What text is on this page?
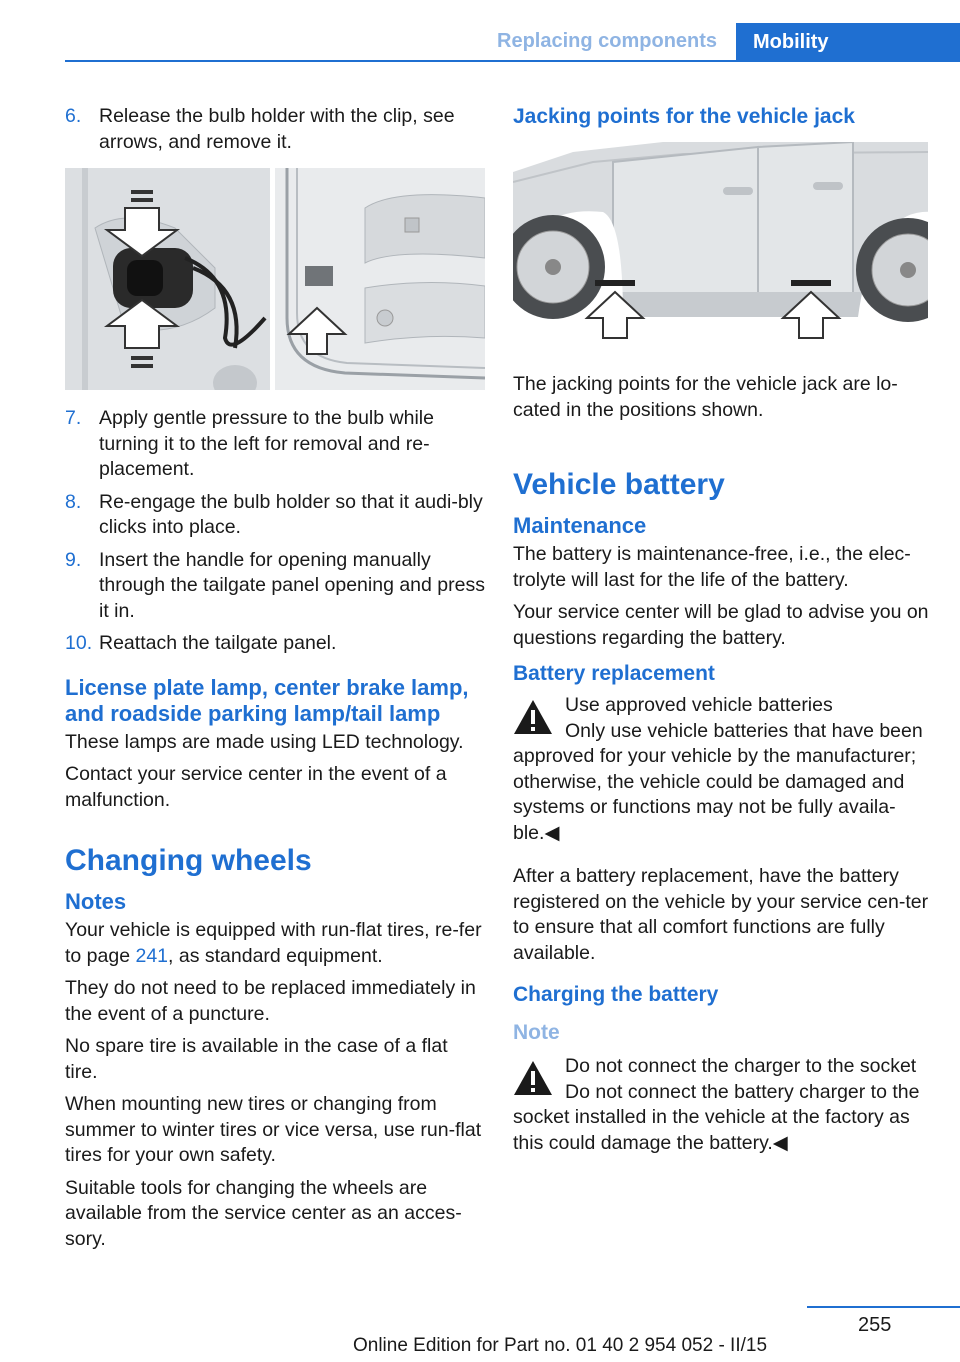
Replacing components	Mobility
6. Release the bulb holder with the clip, see arrows, and remove it.
7. Apply gentle pressure to the bulb while turning it to the left for removal and re-placement.
8. Re-engage the bulb holder so that it audi-bly clicks into place.
9. Insert the handle for opening manually through the tailgate panel opening and press it in.
10. Reattach the tailgate panel.
License plate lamp, center brake lamp, and roadside parking lamp/tail lamp

These lamps are made using LED technology.

Contact your service center in the event of a malfunction.

Changing wheels
Notes

Your vehicle is equipped with run-flat tires, re-fer to page 241, as standard equipment.

They do not need to be replaced immediately in the event of a puncture.

No spare tire is available in the case of a flat tire.

When mounting new tires or changing from summer to winter tires or vice versa, use run-flat tires for your own safety.

Suitable tools for changing the wheels are available from the service center as an acces-sory.

Jacking points for the vehicle jack

The jacking points for the vehicle jack are lo-cated in the positions shown.

Vehicle battery
Maintenance

The battery is maintenance-free, i.e., the elec-trolyte will last for the life of the battery.

Your service center will be glad to advise you on questions regarding the battery.

Battery replacement
Use approved vehicle batteries
Only use vehicle batteries that have been approved for your vehicle by the manufacturer; otherwise, the vehicle could be damaged and systems or functions may not be fully availa-ble.◀

After a battery replacement, have the battery registered on the vehicle by your service cen-ter to ensure that all comfort functions are fully available.

Charging the battery
Note
Do not connect the charger to the socket
Do not connect the battery charger to the socket installed in the vehicle at the factory as this could damage the battery.◀
255
Online Edition for Part no. 01 40 2 954 052 - II/15
